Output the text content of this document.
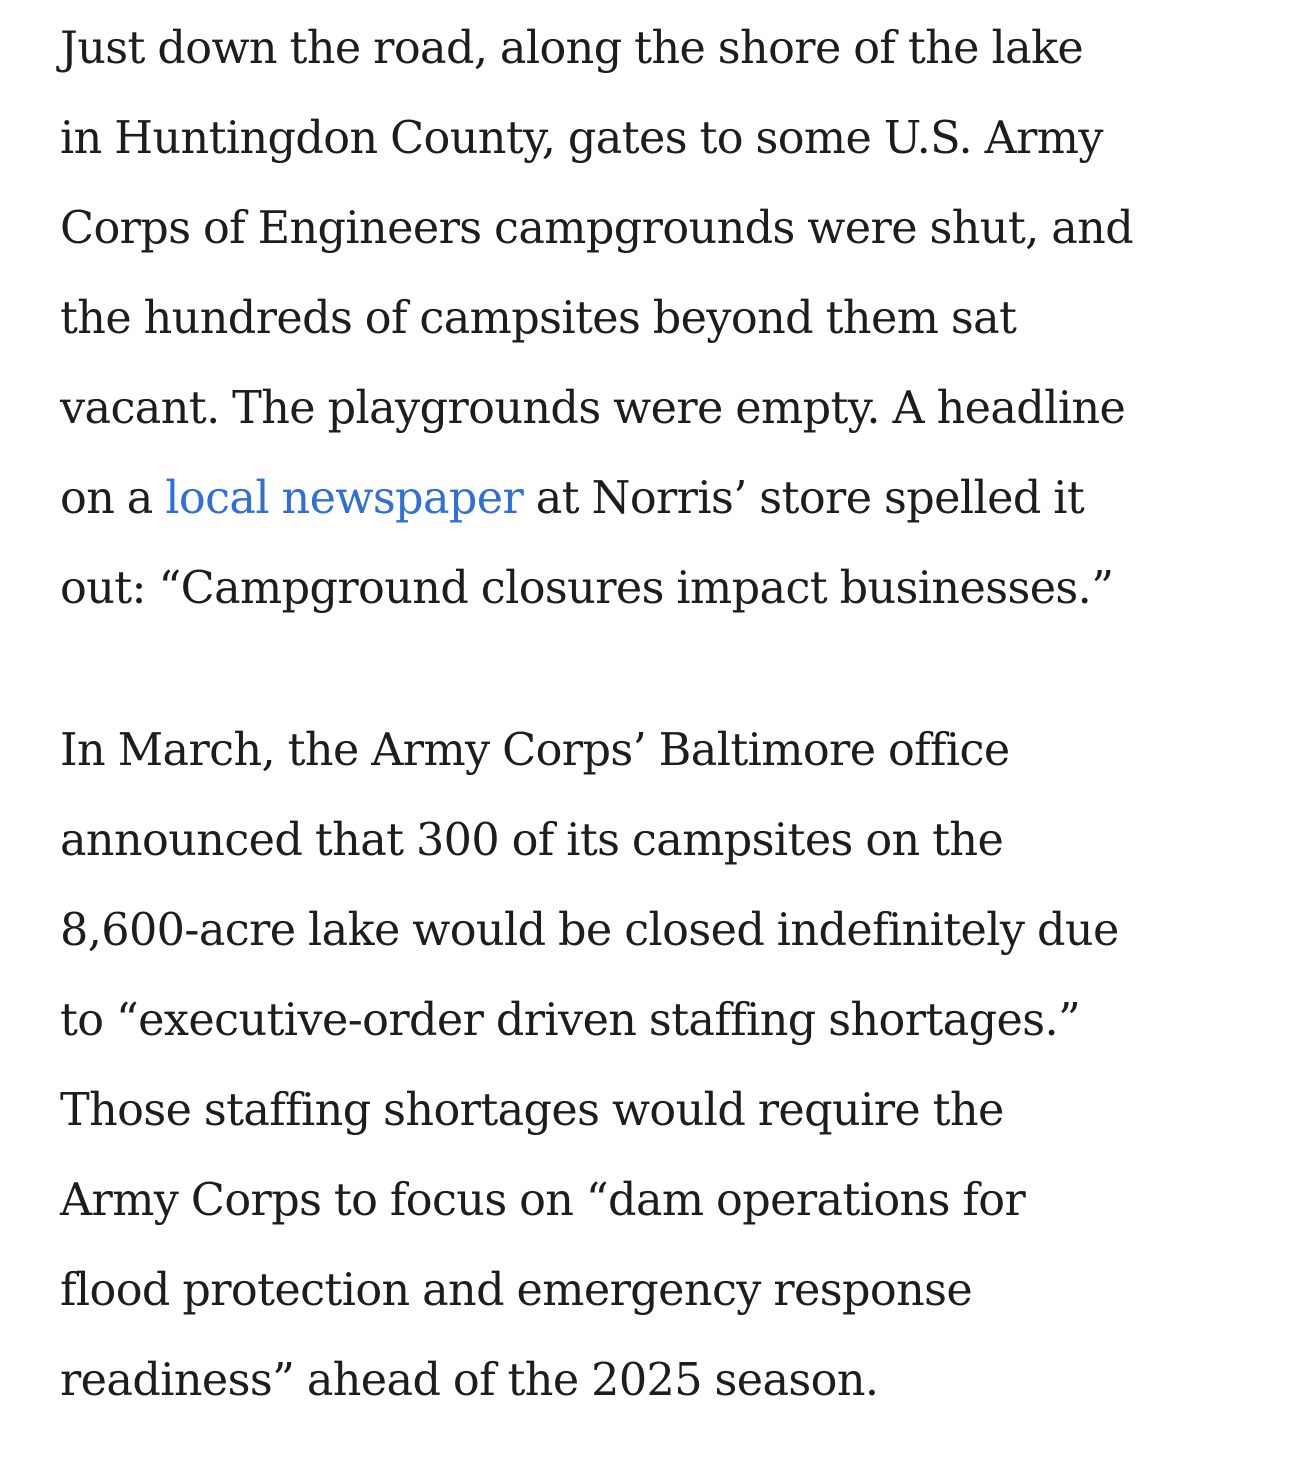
Just down the road, along the shore of the lake
in Huntingdon County, gates to some U.S. Army
Corps of Engineers campgrounds were shut, and
the hundreds of campsites beyond them sat
vacant. The playgrounds were empty. A headline
on a local newspaper at Norris’ store spelled it
out: “Campground closures impact businesses.”
In March, the Army Corps’ Baltimore office
announced that 300 of its campsites on the
8,600-acre lake would be closed indefinitely due
to “executive-order driven staffing shortages.”
Those staffing shortages would require the
Army Corps to focus on “dam operations for
flood protection and emergency response
readiness” ahead of the 2025 season.
